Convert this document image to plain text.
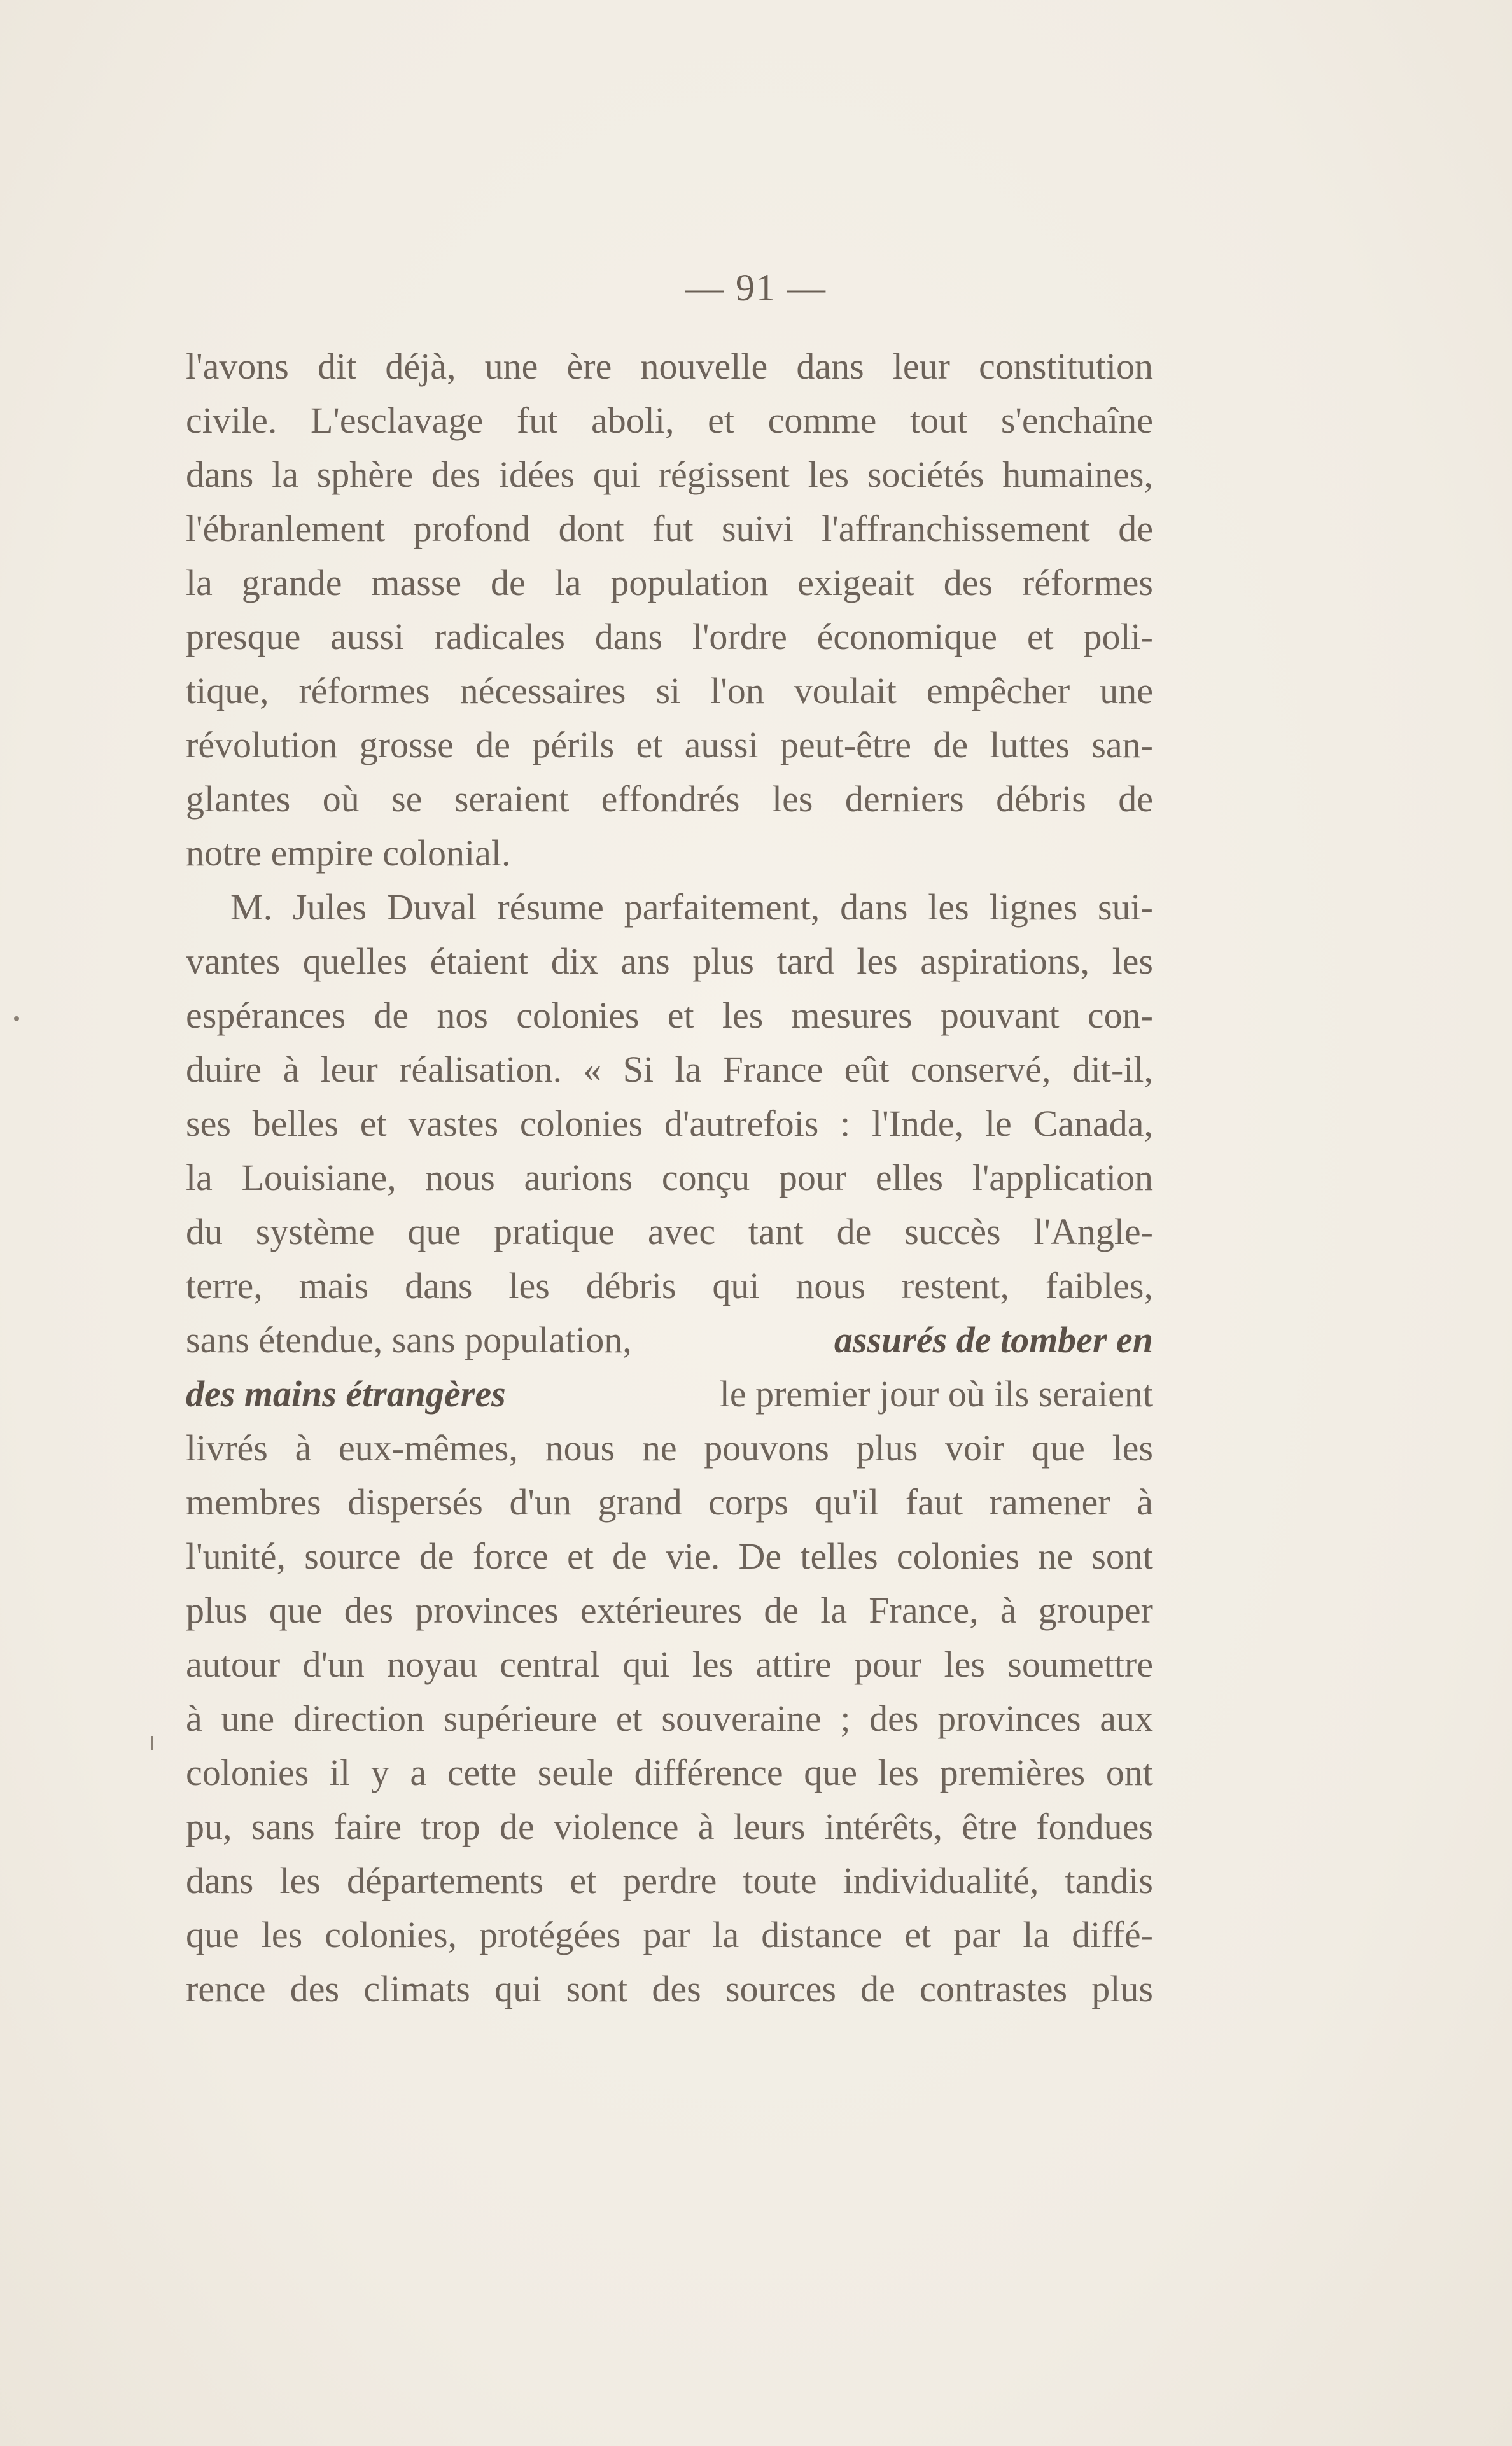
— 91 —
l'avons dit déjà, une ère nouvelle dans leur constitution
civile. L'esclavage fut aboli, et comme tout s'enchaîne
dans la sphère des idées qui régissent les sociétés humaines,
l'ébranlement profond dont fut suivi l'affranchissement de
la grande masse de la population exigeait des réformes
presque aussi radicales dans l'ordre économique et poli-
tique, réformes nécessaires si l'on voulait empêcher une
révolution grosse de périls et aussi peut-être de luttes san-
glantes où se seraient effondrés les derniers débris de
notre empire colonial.
M. Jules Duval résume parfaitement, dans les lignes sui-
vantes quelles étaient dix ans plus tard les aspirations, les
espérances de nos colonies et les mesures pouvant con-
duire à leur réalisation. « Si la France eût conservé, dit-il,
ses belles et vastes colonies d'autrefois : l'Inde, le Canada,
la Louisiane, nous aurions conçu pour elles l'application
du système que pratique avec tant de succès l'Angle-
terre, mais dans les débris qui nous restent, faibles,
sans étendue, sans population,	assurés de tomber en
des mains étrangères	le premier jour où ils seraient
livrés à eux-mêmes, nous ne pouvons plus voir que les
membres dispersés d'un grand corps qu'il faut ramener à
l'unité, source de force et de vie. De telles colonies ne sont
plus que des provinces extérieures de la France, à grouper
autour d'un noyau central qui les attire pour les soumettre
à une direction supérieure et souveraine ; des provinces aux
colonies il y a cette seule différence que les premières ont
pu, sans faire trop de violence à leurs intérêts, être fondues
dans les départements et perdre toute individualité, tandis
que les colonies, protégées par la distance et par la diffé-
rence des climats qui sont des sources de contrastes plus
